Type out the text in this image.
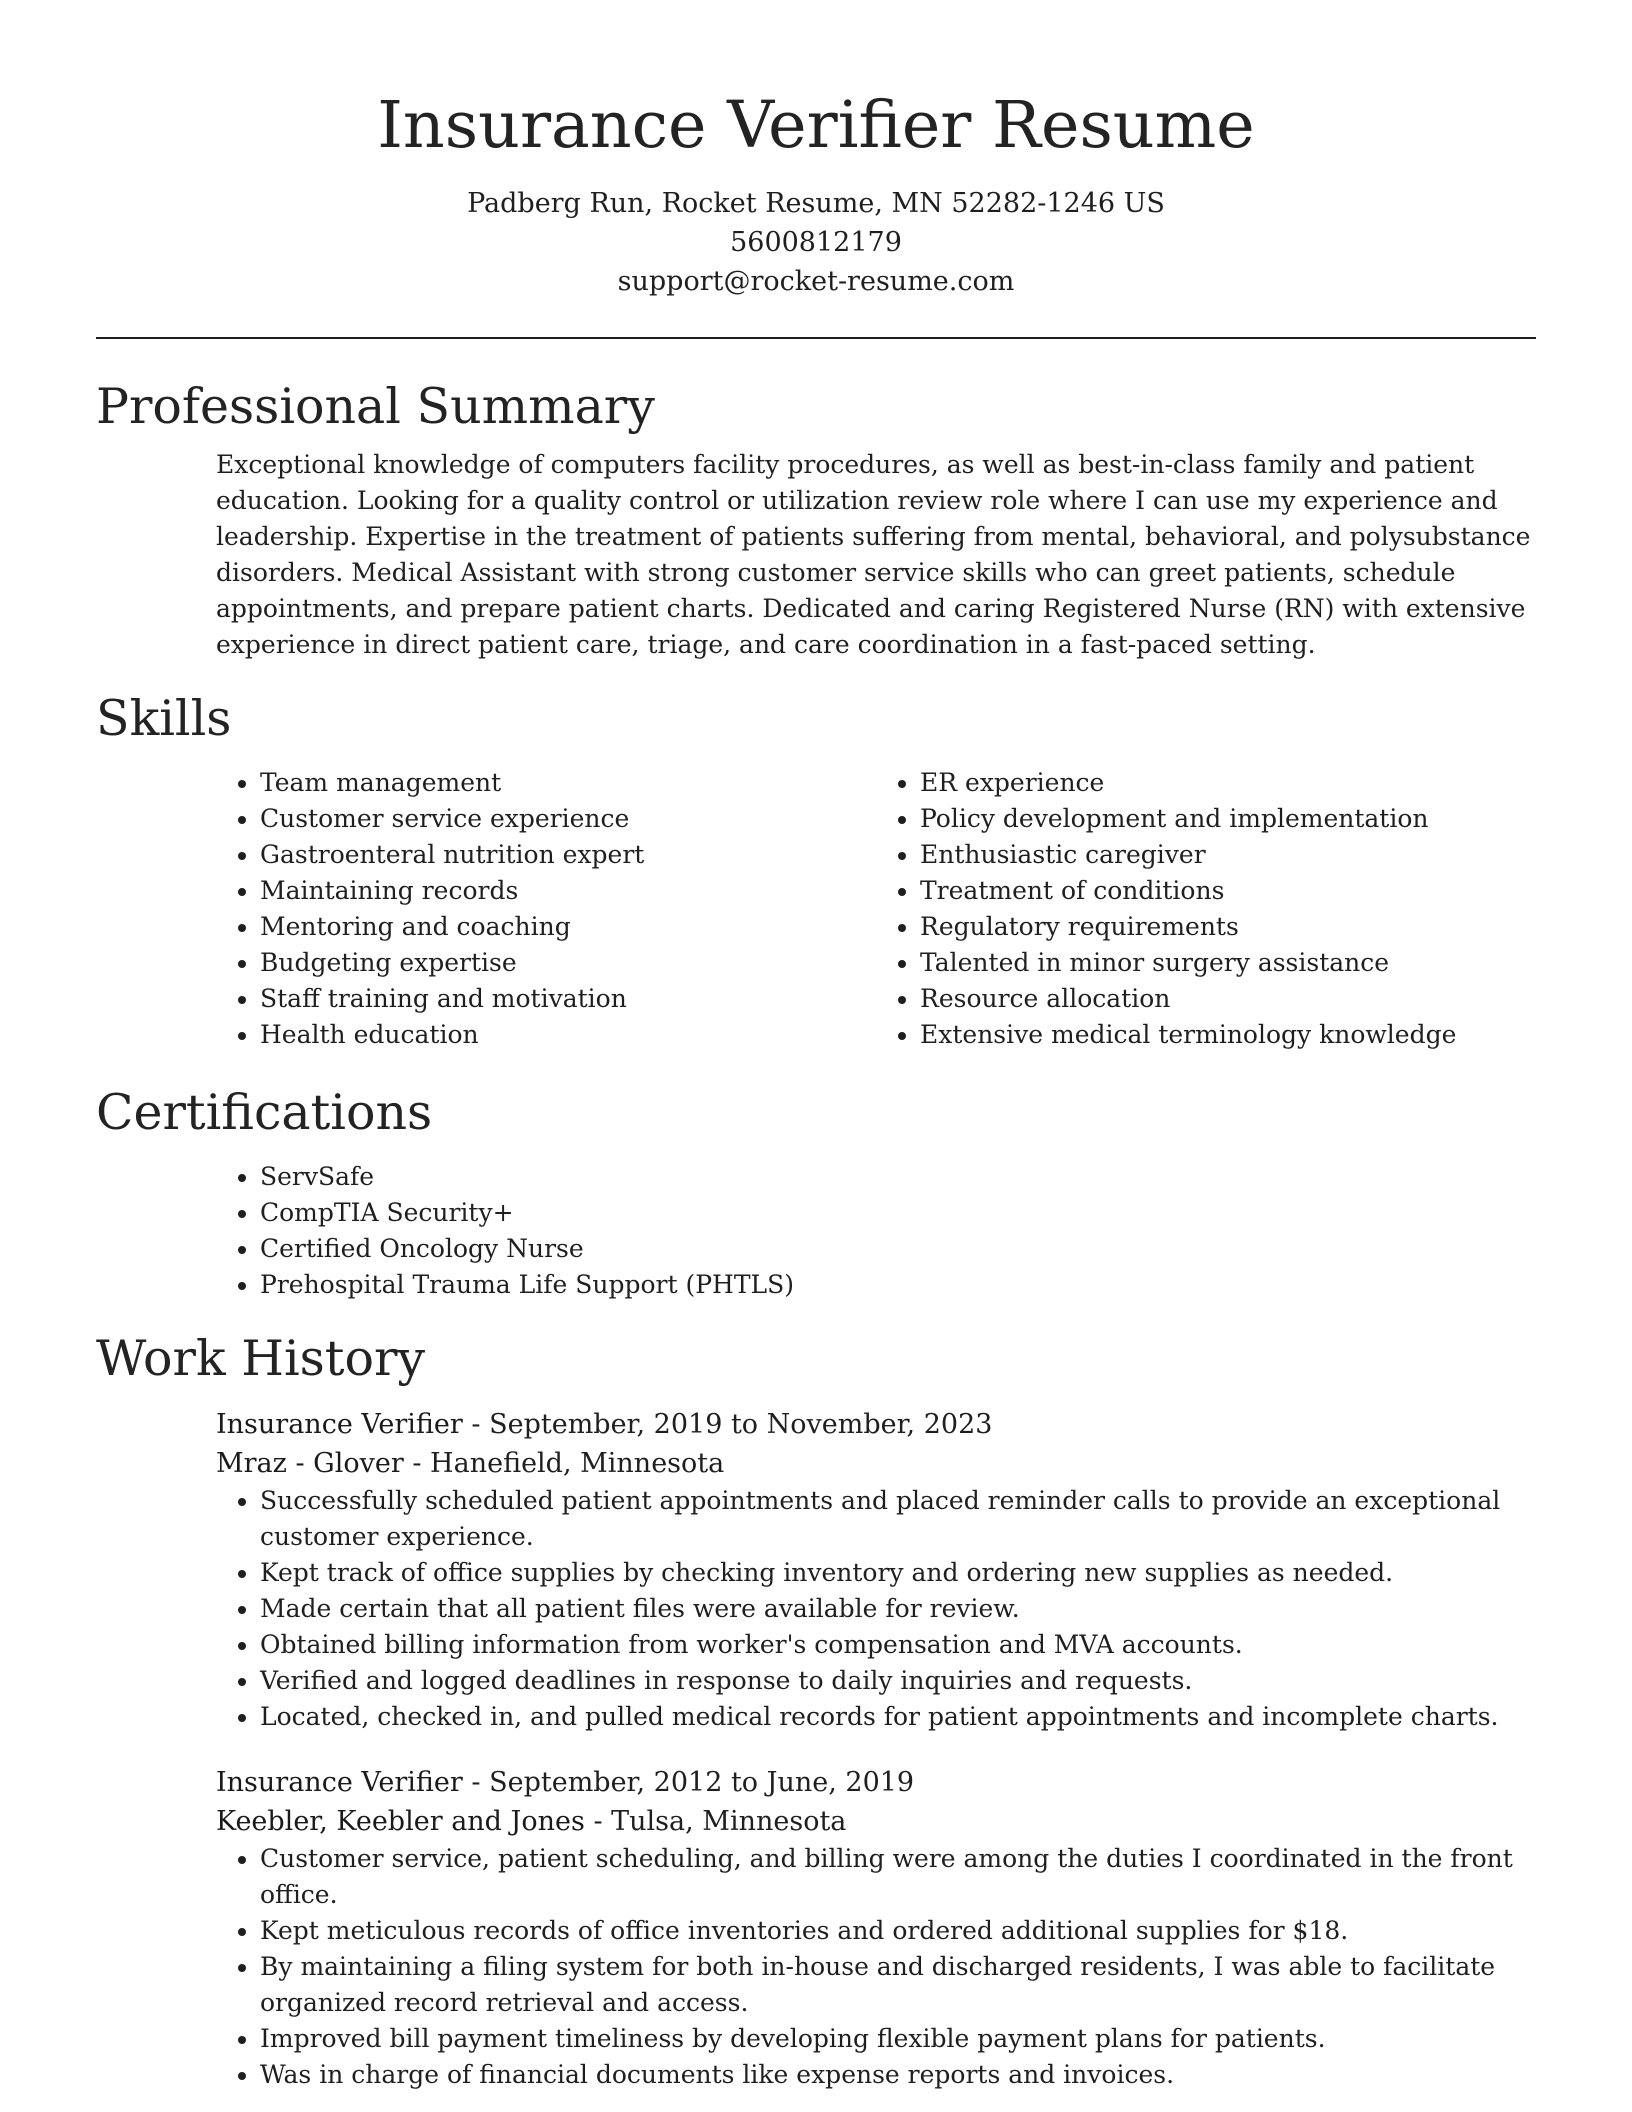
Insurance Verifier Resume
Padberg Run, Rocket Resume, MN 52282-1246 US
5600812179
support@rocket-resume.com
Professional Summary

Exceptional knowledge of computers facility procedures, as well as best-in-class family and patient education. Looking for a quality control or utilization review role where I can use my experience and leadership. Expertise in the treatment of patients suffering from mental, behavioral, and polysubstance disorders. Medical Assistant with strong customer service skills who can greet patients, schedule appointments, and prepare patient charts. Dedicated and caring Registered Nurse (RN) with extensive experience in direct patient care, triage, and care coordination in a fast-paced setting.

Skills
• Team management
• Customer service experience
• Gastroenteral nutrition expert
• Maintaining records
• Mentoring and coaching
• Budgeting expertise
• Staff training and motivation
• Health education
• ER experience
• Policy development and implementation
• Enthusiastic caregiver
• Treatment of conditions
• Regulatory requirements
• Talented in minor surgery assistance
• Resource allocation
• Extensive medical terminology knowledge
Certifications
• ServSafe
• CompTIA Security+
• Certified Oncology Nurse
• Prehospital Trauma Life Support (PHTLS)
Work History
Insurance Verifier - September, 2019 to November, 2023
Mraz - Glover - Hanefield, Minnesota
• Successfully scheduled patient appointments and placed reminder calls to provide an exceptional customer experience.
• Kept track of office supplies by checking inventory and ordering new supplies as needed.
• Made certain that all patient files were available for review.
• Obtained billing information from worker's compensation and MVA accounts.
• Verified and logged deadlines in response to daily inquiries and requests.
• Located, checked in, and pulled medical records for patient appointments and incomplete charts.
Insurance Verifier - September, 2012 to June, 2019
Keebler, Keebler and Jones - Tulsa, Minnesota
• Customer service, patient scheduling, and billing were among the duties I coordinated in the front office.
• Kept meticulous records of office inventories and ordered additional supplies for $18.
• By maintaining a filing system for both in-house and discharged residents, I was able to facilitate organized record retrieval and access.
• Improved bill payment timeliness by developing flexible payment plans for patients.
• Was in charge of financial documents like expense reports and invoices.
